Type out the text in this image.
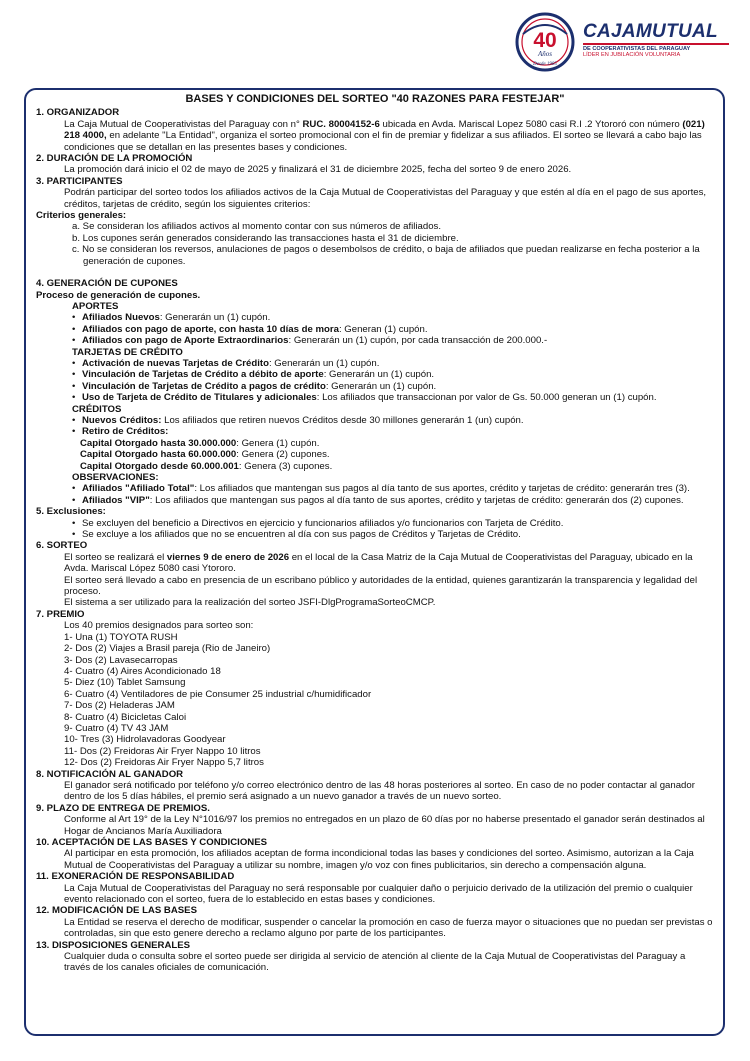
40
Años
Desde 1985
CAJAMUTUAL
DE COOPERATIVISTAS DEL PARAGUAY
LÍDER EN JUBILACIÓN VOLUNTARIA
BASES Y CONDICIONES DEL SORTEO "40 RAZONES PARA FESTEJAR"
1. ORGANIZADOR
La Caja Mutual de Cooperativistas del Paraguay con n° RUC. 80004152-6 ubicada en Avda. Mariscal Lopez 5080 casi R.I .2 Ytororó con número (021) 218 4000, en adelante "La Entidad", organiza el sorteo promocional con el fin de premiar y fidelizar a sus afiliados. El sorteo se llevará a cabo bajo las condiciones que se detallan en las presentes bases y condiciones.
2. DURACIÓN DE LA PROMOCIÓN
La promoción dará inicio el 02 de mayo de 2025 y finalizará el 31 de diciembre 2025, fecha del sorteo 9 de enero 2026.
3. PARTICIPANTES
Podrán participar del sorteo todos los afiliados activos de la Caja Mutual de Cooperativistas del Paraguay y que estén al día en el pago de sus aportes, créditos, tarjetas de crédito, según los siguientes criterios:
Criterios generales:
a. Se consideran los afiliados activos al momento contar con sus números de afiliados.
b. Los cupones serán generados considerando las transacciones hasta el 31 de diciembre.
c. No se consideran los reversos, anulaciones de pagos o desembolsos de crédito, o baja de afiliados que puedan realizarse en fecha posterior a la generación de cupones.
4. GENERACIÓN DE CUPONES
Proceso de generación de cupones.
APORTES
• Afiliados Nuevos: Generarán un (1) cupón.
• Afiliados con pago de aporte, con hasta 10 días de mora: Generan (1) cupón.
• Afiliados con pago de Aporte Extraordinarios: Generarán un (1) cupón, por cada transacción de 200.000.-
TARJETAS DE CRÉDITO
• Activación de nuevas Tarjetas de Crédito: Generarán un (1) cupón.
• Vinculación de Tarjetas de Crédito a débito de aporte: Generarán un (1) cupón.
• Vinculación de Tarjetas de Crédito a pagos de crédito: Generarán un (1) cupón.
• Uso de Tarjeta de Crédito de Titulares y adicionales: Los afiliados que transaccionan por valor de Gs. 50.000 generan un (1) cupón.
CRÉDITOS
• Nuevos Créditos: Los afiliados que retiren nuevos Créditos desde 30 millones generarán 1 (un) cupón.
• Retiro de Créditos:
Capital Otorgado hasta 30.000.000: Genera (1) cupón.
Capital Otorgado hasta 60.000.000: Genera (2) cupones.
Capital Otorgado desde 60.000.001: Genera (3) cupones.
OBSERVACIONES:
• Afiliados "Afiliado Total": Los afiliados que mantengan sus pagos al día tanto de sus aportes, crédito y tarjetas de crédito: generarán tres (3).
• Afiliados "VIP": Los afiliados que mantengan sus pagos al día tanto de sus aportes, crédito y tarjetas de crédito: generarán dos (2) cupones.
5. Exclusiones:
• Se excluyen del beneficio a Directivos en ejercicio y funcionarios afiliados y/o funcionarios con Tarjeta de Crédito.
• Se excluye a los afiliados que no se encuentren al día con sus pagos de Créditos y Tarjetas de Crédito.
6. SORTEO
El sorteo se realizará el viernes 9 de enero de 2026 en el local de la Casa Matriz de la Caja Mutual de Cooperativistas del Paraguay, ubicado en la Avda. Mariscal López 5080 casi Ytororo.
El sorteo será llevado a cabo en presencia de un escribano público y autoridades de la entidad, quienes garantizarán la transparencia y legalidad del proceso.
El sistema a ser utilizado para la realización del sorteo JSFI-DlgProgramaSorteoCMCP.
7. PREMIO
Los 40 premios designados para sorteo son:
1- Una (1) TOYOTA RUSH
2- Dos (2) Viajes a Brasil pareja (Rio de Janeiro)
3- Dos (2) Lavasecarropas
4- Cuatro (4) Aires Acondicionado 18
5- Diez (10) Tablet Samsung
6- Cuatro (4) Ventiladores de pie Consumer 25 industrial c/humidificador
7- Dos (2) Heladeras JAM
8- Cuatro (4) Bicicletas Caloi
9- Cuatro (4) TV 43 JAM
10- Tres (3) Hidrolavadoras Goodyear
11- Dos (2) Freidoras Air Fryer Nappo 10 litros
12- Dos (2) Freidoras Air Fryer Nappo 5,7 litros
8. NOTIFICACIÓN AL GANADOR
El ganador será notificado por teléfono y/o correo electrónico dentro de las 48 horas posteriores al sorteo. En caso de no poder contactar al ganador dentro de los 5 días hábiles, el premio será asignado a un nuevo ganador a través de un nuevo sorteo.
9. PLAZO DE ENTREGA DE PREMIOS.
Conforme al Art 19° de la Ley N°1016/97 los premios no entregados en un plazo de 60 días por no haberse presentado el ganador serán destinados al Hogar de Ancianos María Auxiliadora
10. ACEPTACIÓN DE LAS BASES Y CONDICIONES
Al participar en esta promoción, los afiliados aceptan de forma incondicional todas las bases y condiciones del sorteo. Asimismo, autorizan a la Caja Mutual de Cooperativistas del Paraguay a utilizar su nombre, imagen y/o voz con fines publicitarios, sin derecho a compensación alguna.
11. EXONERACIÓN DE RESPONSABILIDAD
La Caja Mutual de Cooperativistas del Paraguay no será responsable por cualquier daño o perjuicio derivado de la utilización del premio o cualquier evento relacionado con el sorteo, fuera de lo establecido en estas bases y condiciones.
12. MODIFICACIÓN DE LAS BASES
La Entidad se reserva el derecho de modificar, suspender o cancelar la promoción en caso de fuerza mayor o situaciones que no puedan ser previstas o controladas, sin que esto genere derecho a reclamo alguno por parte de los participantes.
13. DISPOSICIONES GENERALES
Cualquier duda o consulta sobre el sorteo puede ser dirigida al servicio de atención al cliente de la Caja Mutual de Cooperativistas del Paraguay a través de los canales oficiales de comunicación.
